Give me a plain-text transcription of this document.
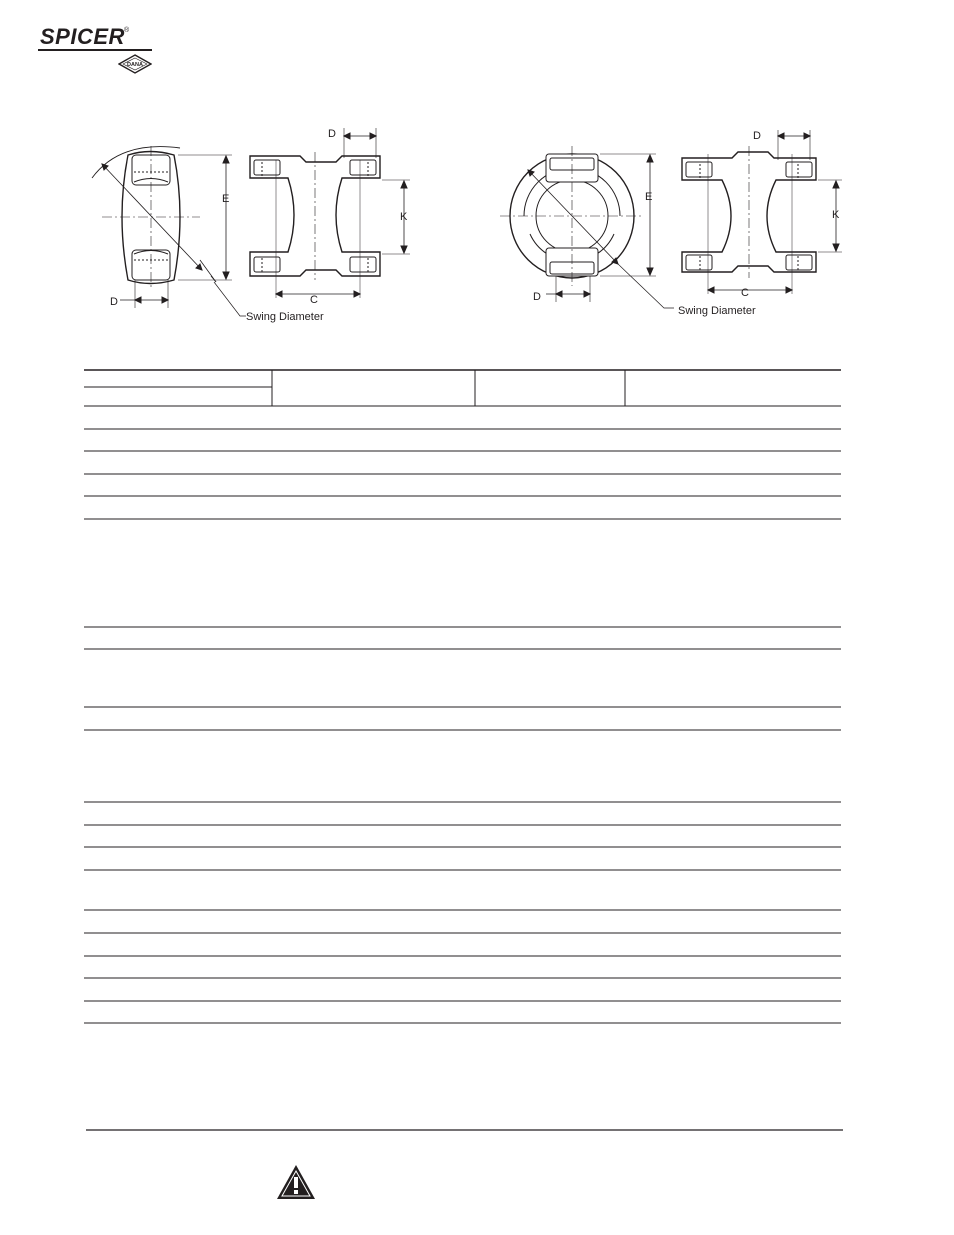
SPICER ®
DANA
D
E
K
C
D
Swing Diameter
D
E
K
C
D
Swing Diameter
